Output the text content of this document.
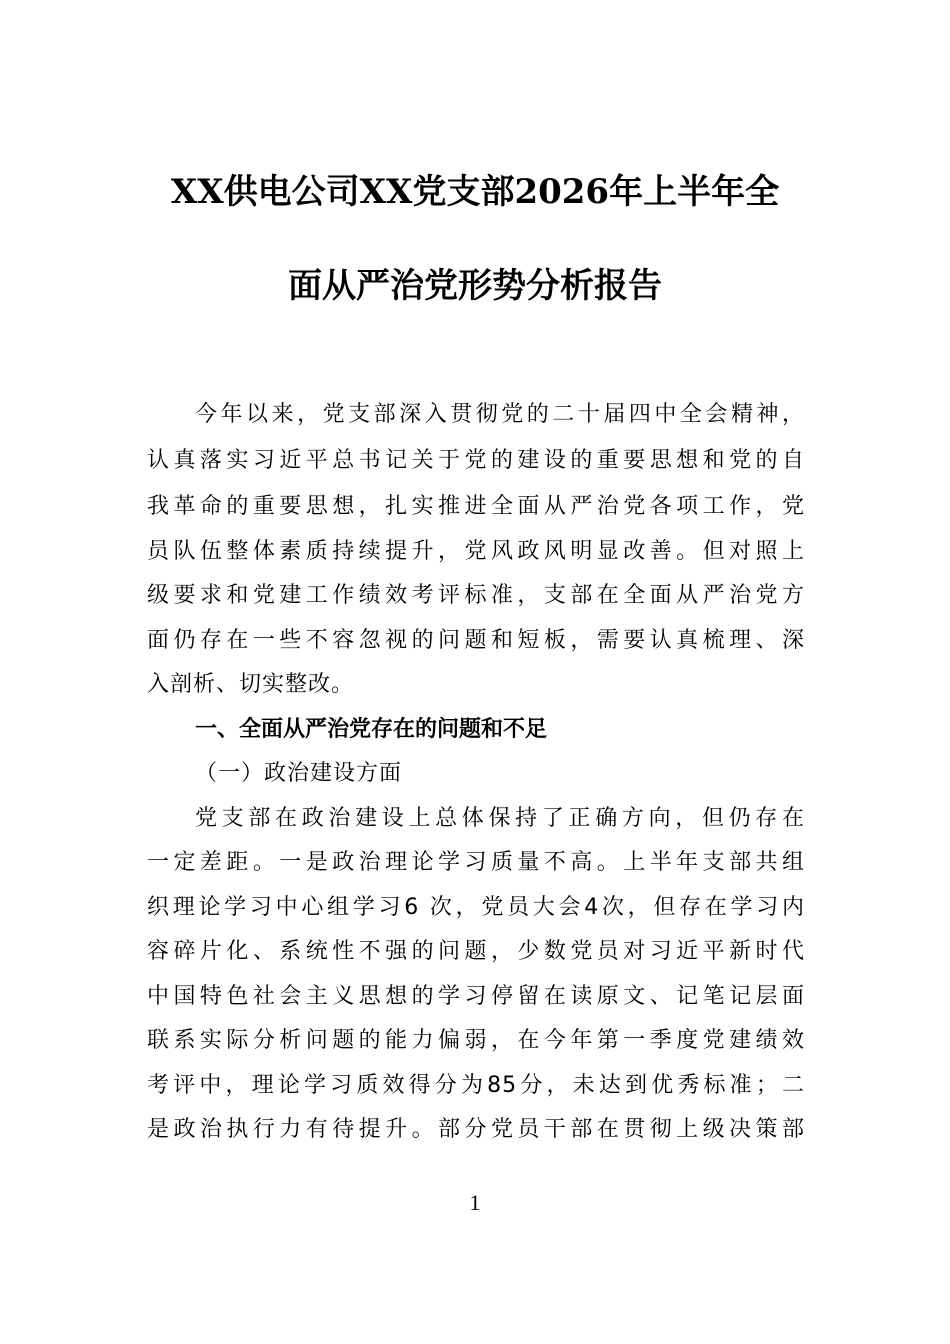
XX供电公司XX党支部2026年上半年全
面从严治党形势分析报告
今年以来，党支部深入贯彻党的二十届四中全会精神，
认真落实习近平总书记关于党的建设的重要思想和党的自
我革命的重要思想，扎实推进全面从严治党各项工作，党
员队伍整体素质持续提升，党风政风明显改善。但对照上
级要求和党建工作绩效考评标准，支部在全面从严治党方
面仍存在一些不容忽视的问题和短板，需要认真梳理、深
入剖析、切实整改。
一、全面从严治党存在的问题和不足
（一）政治建设方面
党支部在政治建设上总体保持了正确方向，但仍存在
一定差距。一是政治理论学习质量不高。上半年支部共组
织理论学习中心组学习6 次，党员大会4次，但存在学习内
容碎片化、系统性不强的问题，少数党员对习近平新时代
中国特色社会主义思想的学习停留在读原文、记笔记层面
联系实际分析问题的能力偏弱，在今年第一季度党建绩效
考评中，理论学习质效得分为85分，未达到优秀标准；二
是政治执行力有待提升。部分党员干部在贯彻上级决策部
1
